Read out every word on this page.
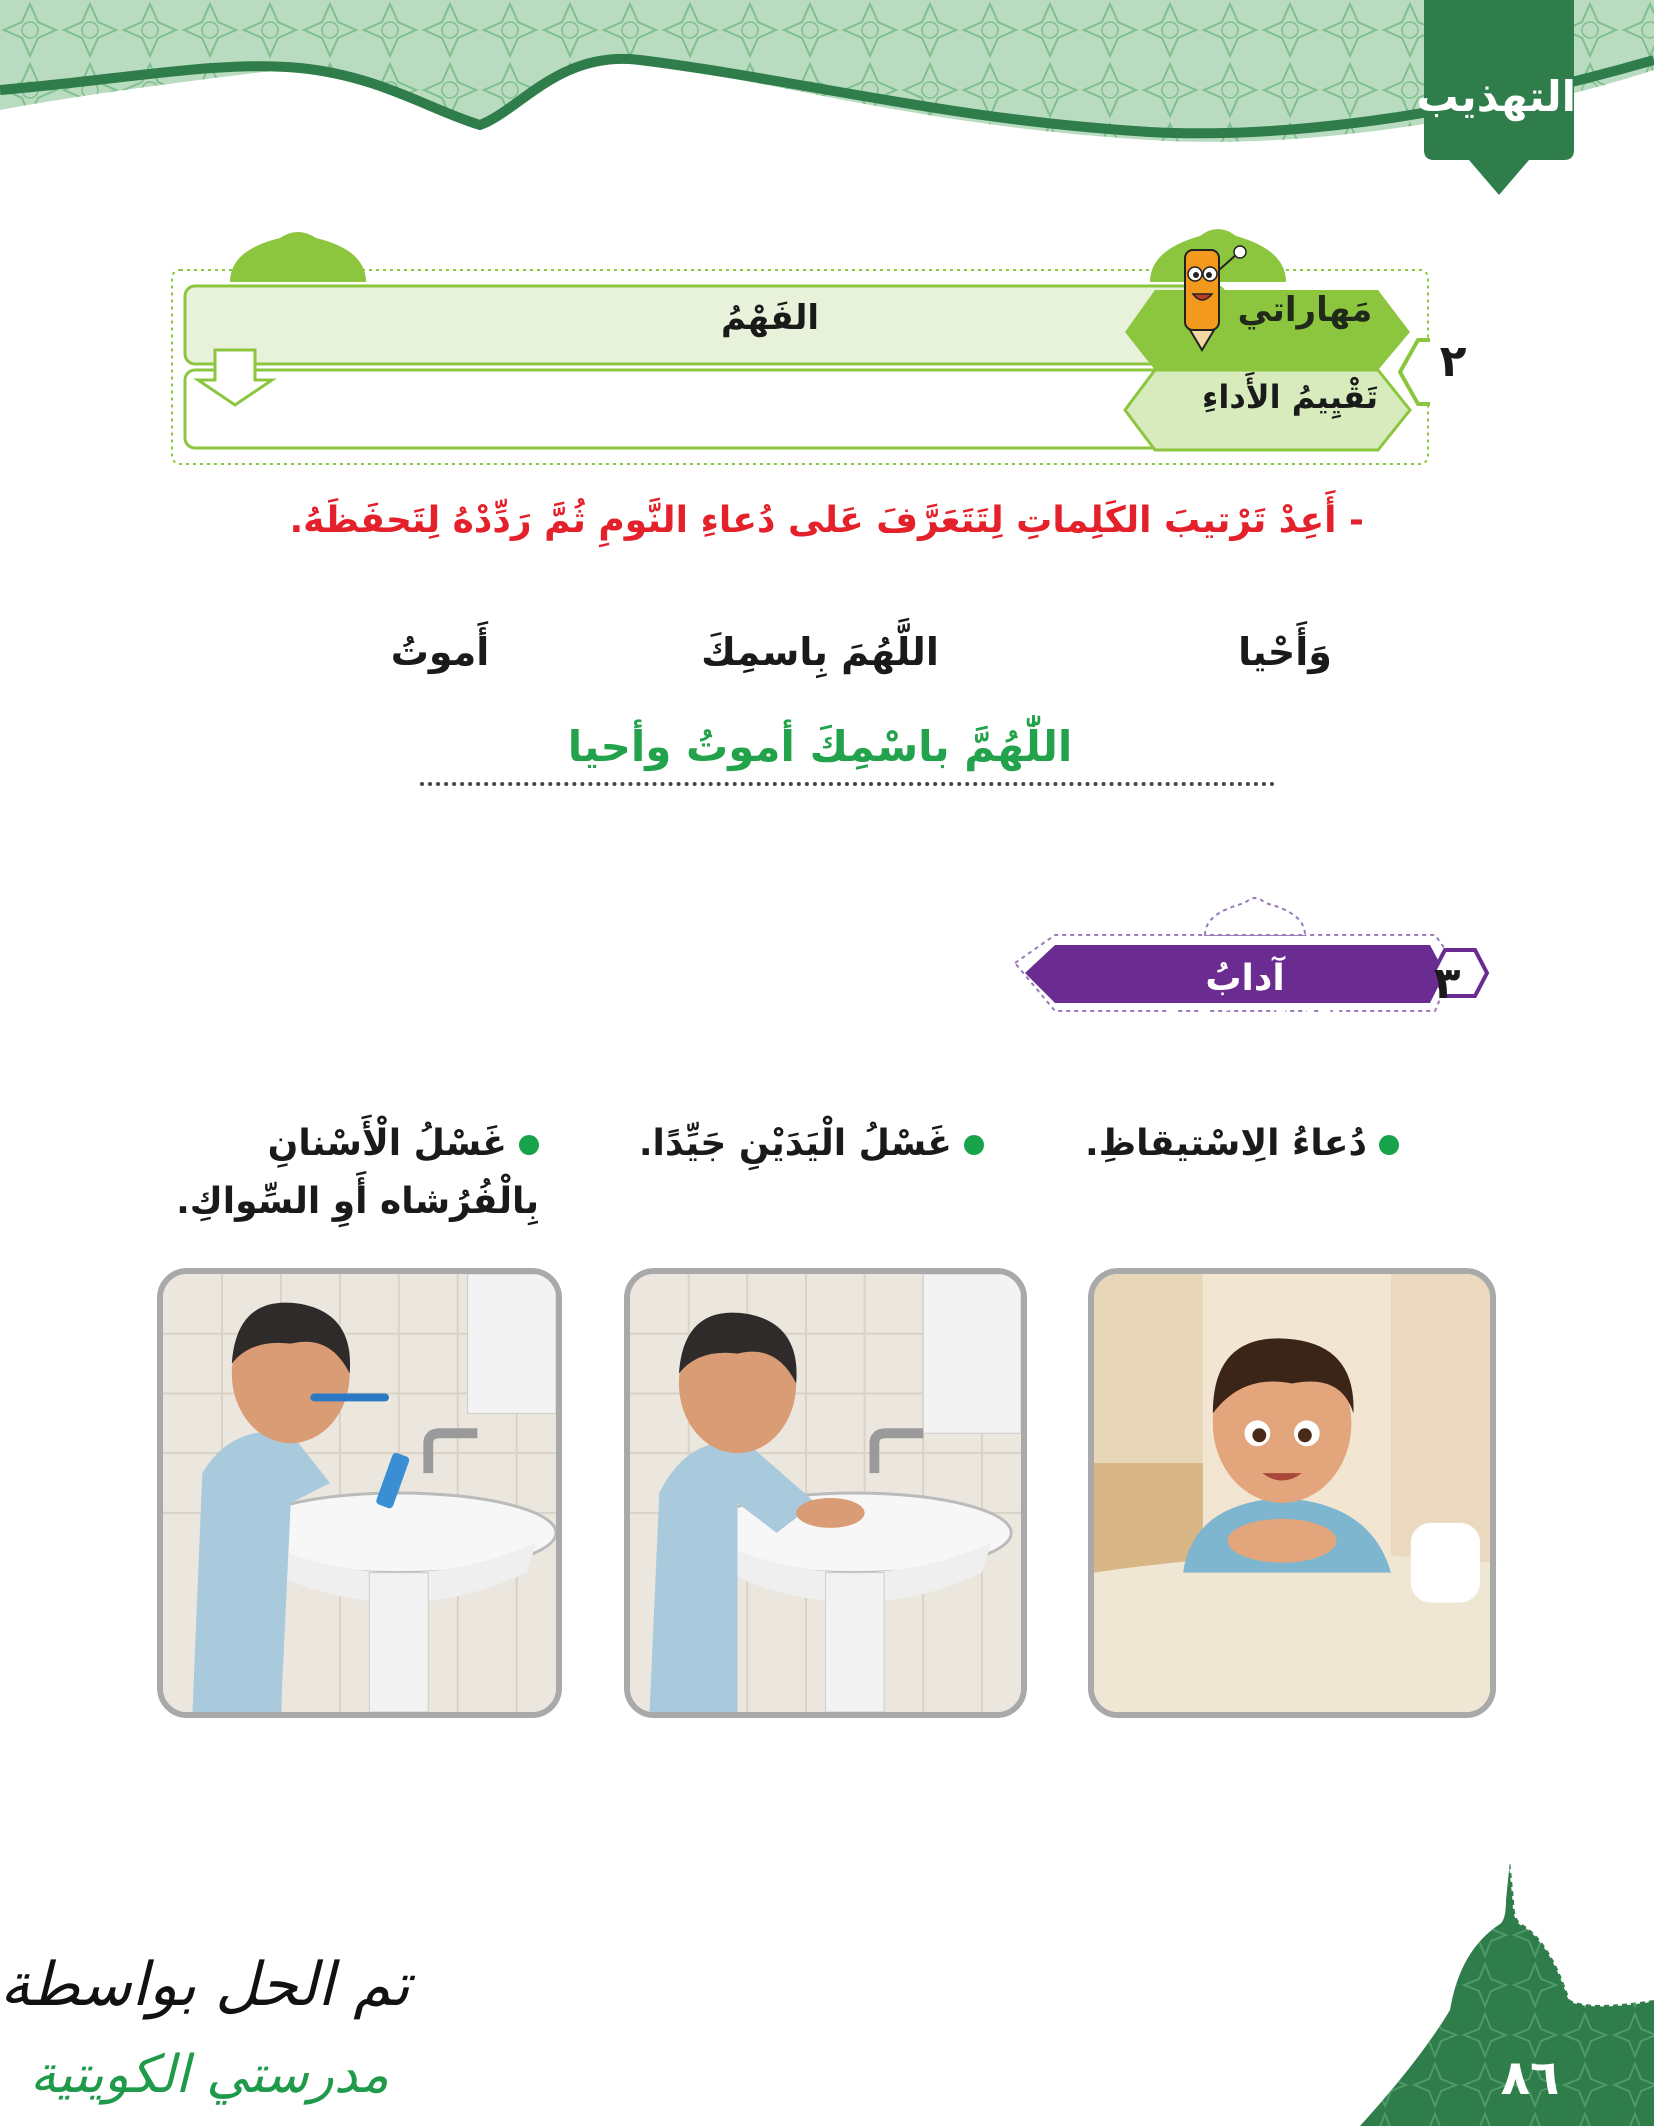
التهذيب
الفَهْمُ	مَهاراتي
تَقْيِيمُ الأَداءِ
٢
- أَعِدْ تَرْتيبَ الكَلِماتِ لِتَتَعَرَّفَ عَلى دُعاءِ النَّومِ ثُمَّ رَدِّدْهُ لِتَحفَظَهُ.
وَأَحْيا
اللَّهُمَ بِاسمِكَ
أَموتُ
اللّٰهُمَّ باسْمِكَ أموتُ وأحيا
آدابُ الاسْتيقاظِ.
٣
دُعاءُ الِاسْتيقاظِ.
غَسْلُ الْيَدَيْنِ جَيِّدًا.
غَسْلُ الْأَسْنانِ بِالْفُرُشاه أَوِ السِّواكِ.
٨٦
تم الحل بواسطة
مدرستي الكويتية
